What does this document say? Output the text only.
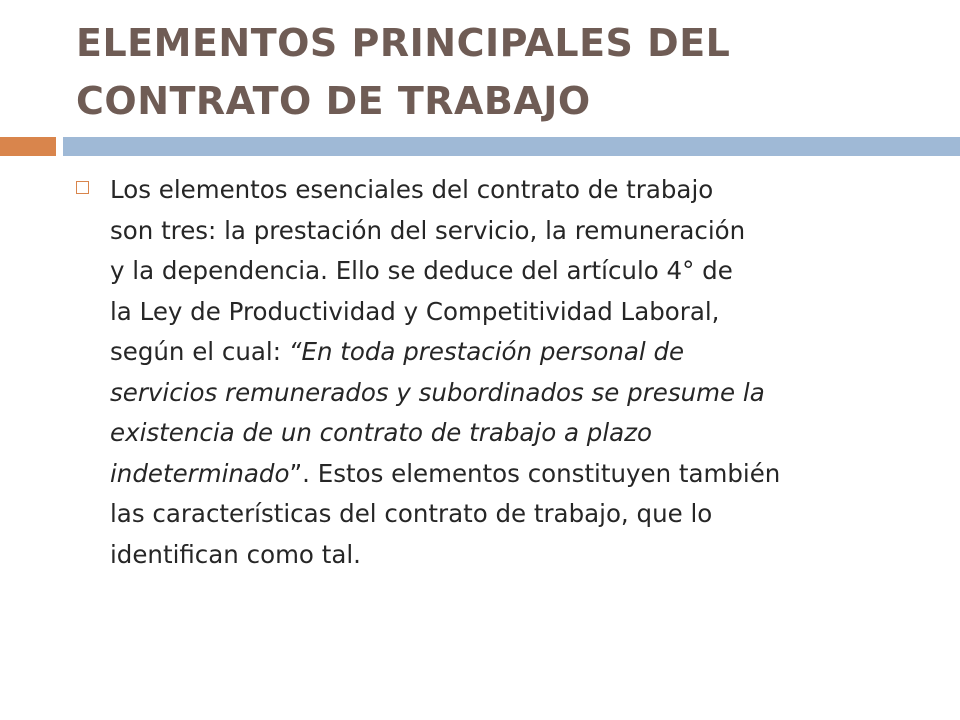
ELEMENTOS PRINCIPALES DEL
CONTRATO DE TRABAJO

Los elementos esenciales del contrato de trabajo
son tres: la prestación del servicio, la remuneración
y la dependencia. Ello se deduce del artículo 4° de
la Ley de Productividad y Competitividad Laboral,
según el cual: “En toda prestación personal de
servicios remunerados y subordinados se presume la
existencia de un contrato de trabajo a plazo
indeterminado”. Estos elementos constituyen también
las características del contrato de trabajo, que lo
identifican como tal.
